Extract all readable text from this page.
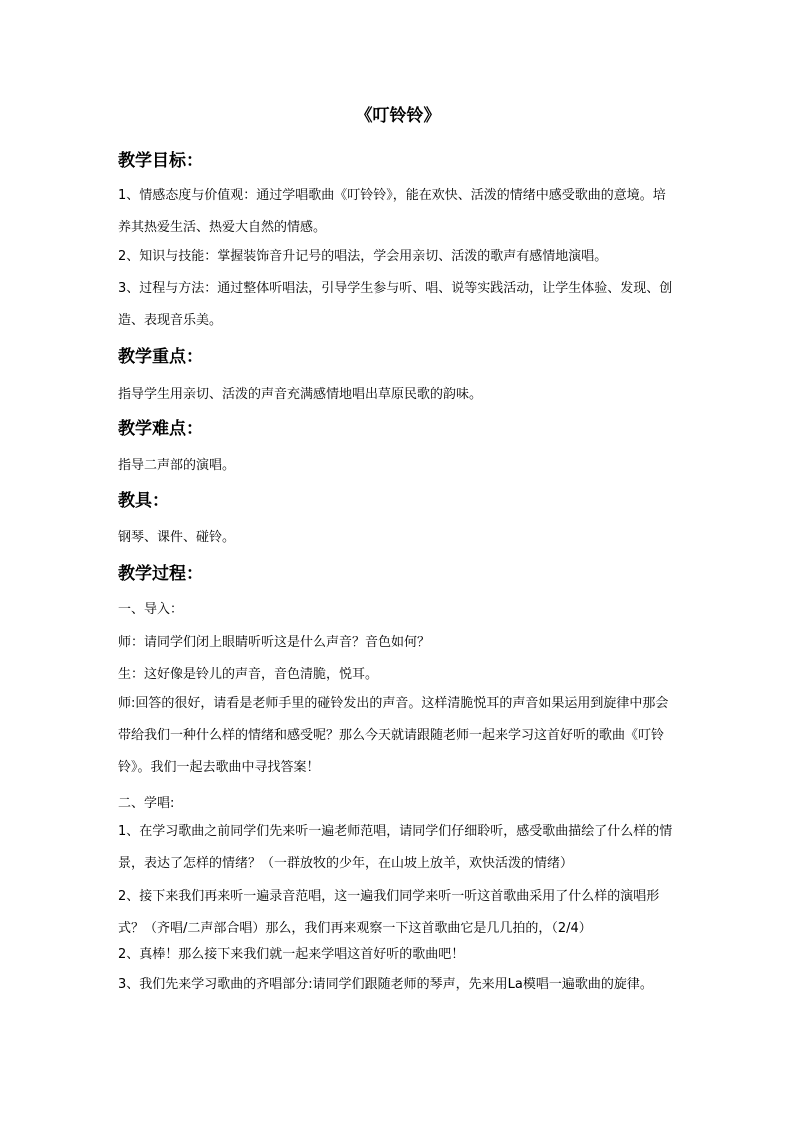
《叮铃铃》
教学目标：
1、情感态度与价值观：通过学唱歌曲《叮铃铃》，能在欢快、活泼的情绪中感受歌曲的意境。培养其热爱生活、热爱大自然的情感。
2、知识与技能：掌握装饰音升记号的唱法，学会用亲切、活泼的歌声有感情地演唱。
3、过程与方法：通过整体听唱法，引导学生参与听、唱、说等实践活动，让学生体验、发现、创造、表现音乐美。
教学重点：
指导学生用亲切、活泼的声音充满感情地唱出草原民歌的韵味。
教学难点：
指导二声部的演唱。
教具：
钢琴、课件、碰铃。
教学过程：
一、导入：
师：请同学们闭上眼睛听听这是什么声音？音色如何？
生：这好像是铃儿的声音，音色清脆，悦耳。
师:回答的很好，请看是老师手里的碰铃发出的声音。这样清脆悦耳的声音如果运用到旋律中那会带给我们一种什么样的情绪和感受呢？那么今天就请跟随老师一起来学习这首好听的歌曲《叮铃铃》。我们一起去歌曲中寻找答案！
二、学唱:
1、在学习歌曲之前同学们先来听一遍老师范唱，请同学们仔细聆听，感受歌曲描绘了什么样的情景，表达了怎样的情绪？（一群放牧的少年，在山坡上放羊，欢快活泼的情绪）
2、接下来我们再来听一遍录音范唱，这一遍我们同学来听一听这首歌曲采用了什么样的演唱形式？（齐唱/二声部合唱）那么，我们再来观察一下这首歌曲它是几几拍的，（2/4）
2、真棒！那么接下来我们就一起来学唱这首好听的歌曲吧！
3、我们先来学习歌曲的齐唱部分:请同学们跟随老师的琴声，先来用La模唱一遍歌曲的旋律。
